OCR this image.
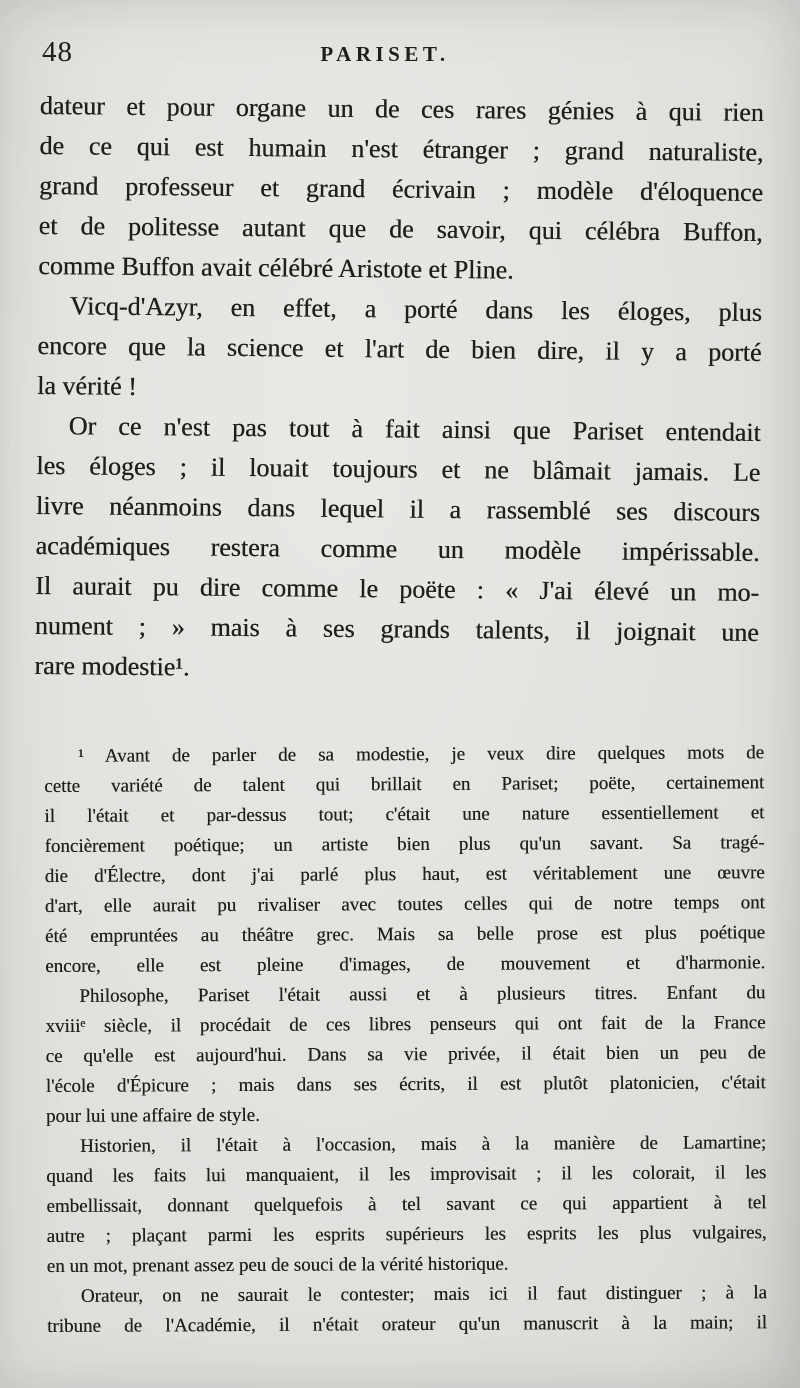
48	PARISET.
dateur et pour organe un de ces rares génies à qui rien
de ce qui est humain n'est étranger ; grand naturaliste,
grand professeur et grand écrivain ; modèle d'éloquence
et de politesse autant que de savoir, qui célébra Buffon,
comme Buffon avait célébré Aristote et Pline.
Vicq-d'Azyr, en effet, a porté dans les éloges, plus
encore que la science et l'art de bien dire, il y a porté
la vérité !
Or ce n'est pas tout à fait ainsi que Pariset entendait
les éloges ; il louait toujours et ne blâmait jamais. Le
livre néanmoins dans lequel il a rassemblé ses discours
académiques restera comme un modèle impérissable.
Il aurait pu dire comme le poëte : « J'ai élevé un mo-
nument ; » mais à ses grands talents, il joignait une
rare modestie¹.
¹ Avant de parler de sa modestie, je veux dire quelques mots de
cette variété de talent qui brillait en Pariset; poëte, certainement
il l'était et par-dessus tout; c'était une nature essentiellement et
foncièrement poétique; un artiste bien plus qu'un savant. Sa tragé-
die d'Électre, dont j'ai parlé plus haut, est véritablement une œuvre
d'art, elle aurait pu rivaliser avec toutes celles qui de notre temps ont
été empruntées au théâtre grec. Mais sa belle prose est plus poétique
encore, elle est pleine d'images, de mouvement et d'harmonie.
Philosophe, Pariset l'était aussi et à plusieurs titres. Enfant du
xviiiᵉ siècle, il procédait de ces libres penseurs qui ont fait de la France
ce qu'elle est aujourd'hui. Dans sa vie privée, il était bien un peu de
l'école d'Épicure ; mais dans ses écrits, il est plutôt platonicien, c'était
pour lui une affaire de style.
Historien, il l'était à l'occasion, mais à la manière de Lamartine;
quand les faits lui manquaient, il les improvisait ; il les colorait, il les
embellissait, donnant quelquefois à tel savant ce qui appartient à tel
autre ; plaçant parmi les esprits supérieurs les esprits les plus vulgaires,
en un mot, prenant assez peu de souci de la vérité historique.
Orateur, on ne saurait le contester; mais ici il faut distinguer ; à la
tribune de l'Académie, il n'était orateur qu'un manuscrit à la main; il
